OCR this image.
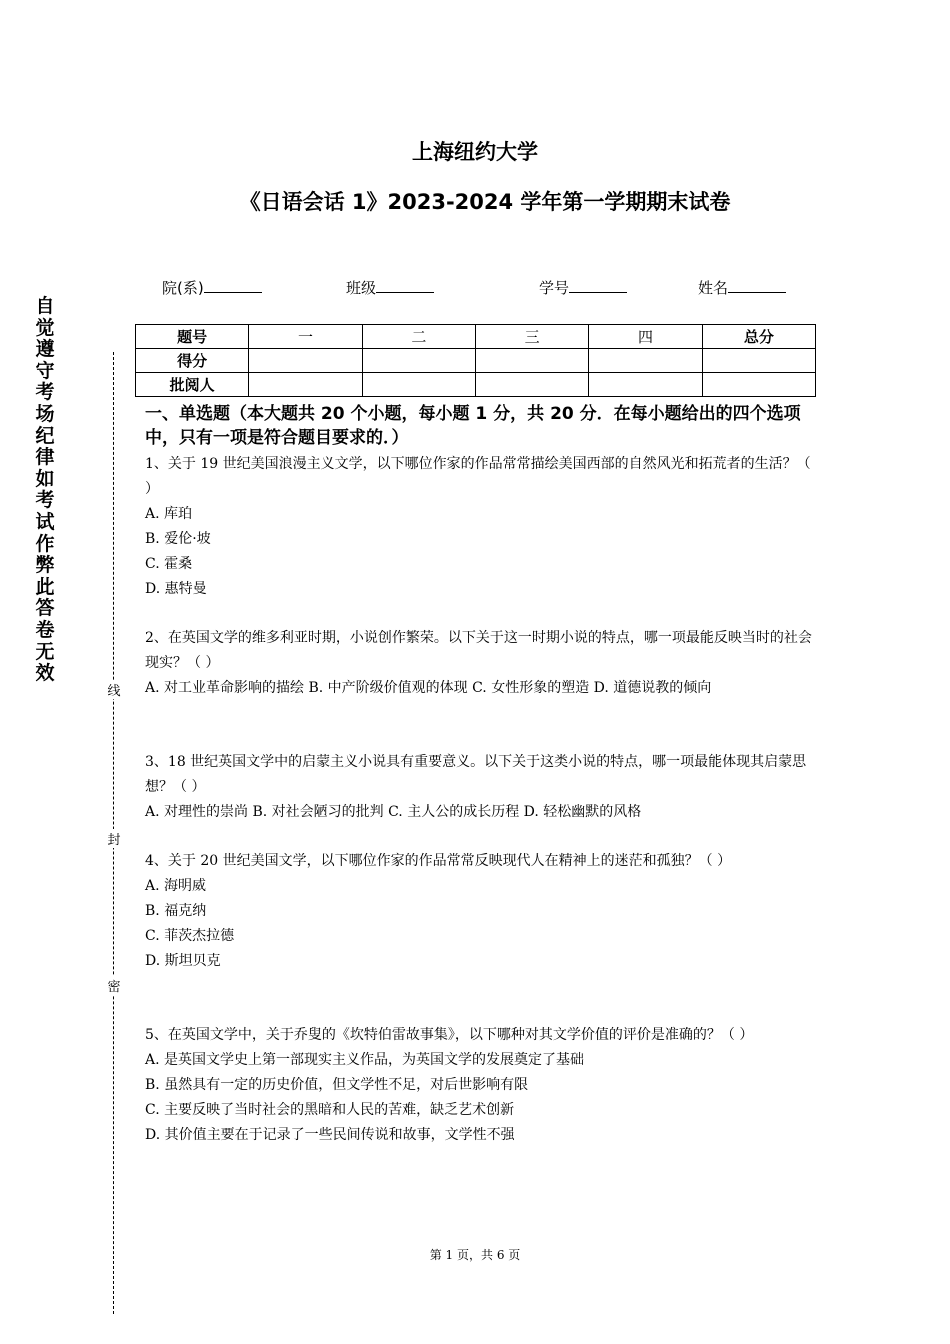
上海纽约大学
《日语会话 1》2023-2024 学年第一学期期末试卷
院(系)	班级	学号	姓名
题号	一	二	三	四	总分
得分					
批阅人					
自觉遵守考场纪律如考试作弊此答卷无效
线
封
密
一、单选题（本大题共 20 个小题，每小题 1 分，共 20 分．在每小题给出的四个选项中，只有一项是符合题目要求的．）

1、关于 19 世纪美国浪漫主义文学，以下哪位作家的作品常常描绘美国西部的自然风光和拓荒者的生活？（ ）

A. 库珀

B. 爱伦·坡

C. 霍桑

D. 惠特曼

2、在英国文学的维多利亚时期，小说创作繁荣。以下关于这一时期小说的特点，哪一项最能反映当时的社会现实？（ ）

A. 对工业革命影响的描绘 B. 中产阶级价值观的体现 C. 女性形象的塑造 D. 道德说教的倾向

3、18 世纪英国文学中的启蒙主义小说具有重要意义。以下关于这类小说的特点，哪一项最能体现其启蒙思想？（ ）

A. 对理性的崇尚 B. 对社会陋习的批判 C. 主人公的成长历程 D. 轻松幽默的风格

4、关于 20 世纪美国文学，以下哪位作家的作品常常反映现代人在精神上的迷茫和孤独？（ ）

A. 海明威

B. 福克纳

C. 菲茨杰拉德

D. 斯坦贝克

5、在英国文学中，关于乔叟的《坎特伯雷故事集》，以下哪种对其文学价值的评价是准确的？（ ）

A. 是英国文学史上第一部现实主义作品，为英国文学的发展奠定了基础

B. 虽然具有一定的历史价值，但文学性不足，对后世影响有限

C. 主要反映了当时社会的黑暗和人民的苦难，缺乏艺术创新

D. 其价值主要在于记录了一些民间传说和故事，文学性不强

第 1 页，共 6 页
